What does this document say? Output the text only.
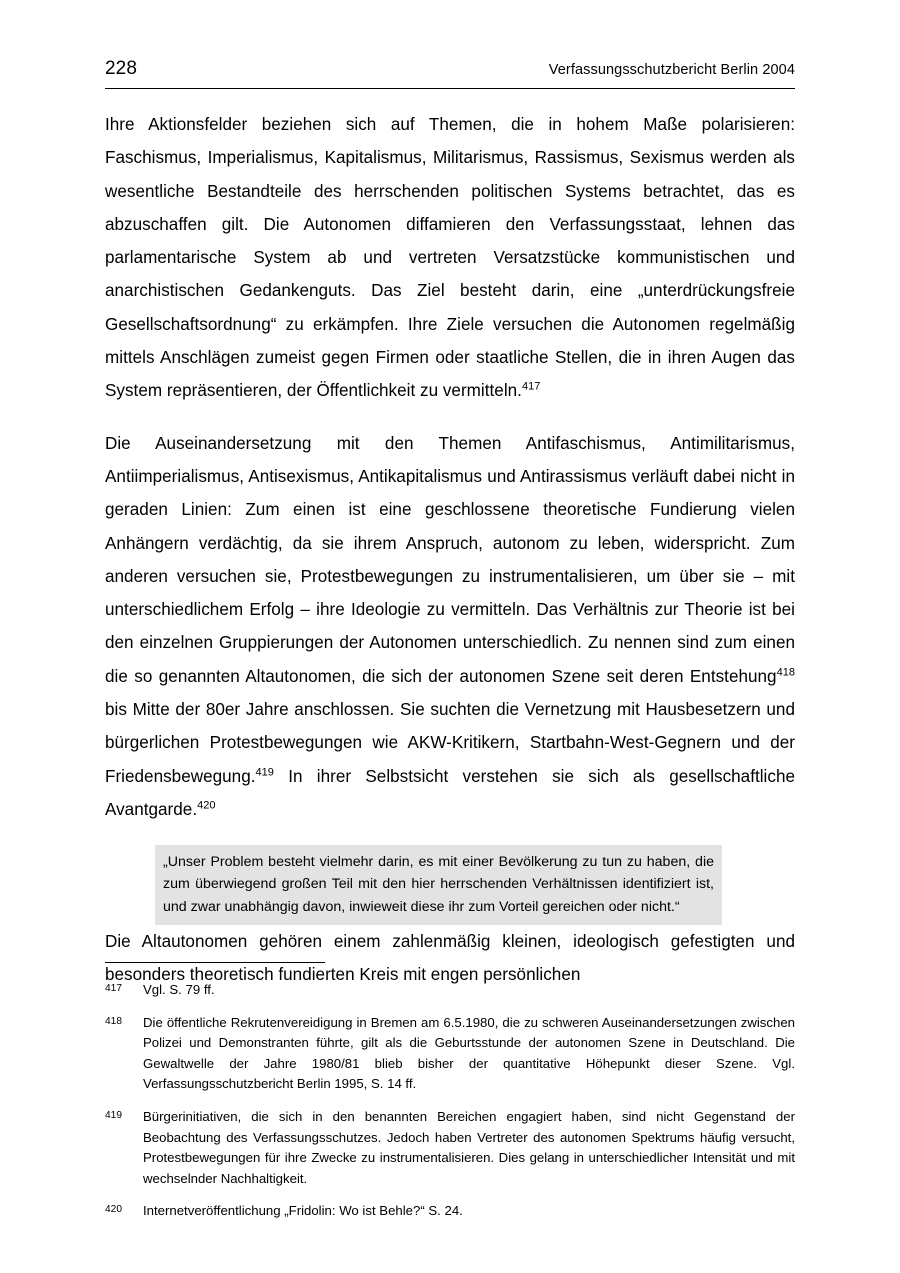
228	Verfassungsschutzbericht Berlin 2004

Ihre Aktionsfelder beziehen sich auf Themen, die in hohem Maße polarisieren: Faschismus, Imperialismus, Kapitalismus, Militarismus, Rassismus, Sexismus werden als wesentliche Bestandteile des herrschenden politischen Systems betrachtet, das es abzuschaffen gilt. Die Autonomen diffamieren den Verfassungsstaat, lehnen das parlamentarische System ab und vertreten Versatzstücke kommunistischen und anarchistischen Gedankenguts. Das Ziel besteht darin, eine „unterdrückungsfreie Gesellschaftsordnung“ zu erkämpfen. Ihre Ziele versuchen die Autonomen regelmäßig mittels Anschlägen zumeist gegen Firmen oder staatliche Stellen, die in ihren Augen das System repräsentieren, der Öffentlichkeit zu vermitteln.$^{417}$

Die Auseinandersetzung mit den Themen Antifaschismus, Antimilitarismus, Antiimperialismus, Antisexismus, Antikapitalismus und Antirassismus verläuft dabei nicht in geraden Linien: Zum einen ist eine geschlossene theoretische Fundierung vielen Anhängern verdächtig, da sie ihrem Anspruch, autonom zu leben, widerspricht. Zum anderen versuchen sie, Protestbewegungen zu instrumentalisieren, um über sie – mit unterschiedlichem Erfolg – ihre Ideologie zu vermitteln. Das Verhältnis zur Theorie ist bei den einzelnen Gruppierungen der Autonomen unterschiedlich. Zu nennen sind zum einen die so genannten Altautonomen, die sich der autonomen Szene seit deren Entstehung$^{418}$ bis Mitte der 80er Jahre anschlossen. Sie suchten die Vernetzung mit Hausbesetzern und bürgerlichen Protestbewegungen wie AKW-Kritikern, Startbahn-West-Gegnern und der Friedensbewegung.$^{419}$ In ihrer Selbstsicht verstehen sie sich als gesellschaftliche Avantgarde.$^{420}$

„Unser Problem besteht vielmehr darin, es mit einer Bevölkerung zu tun zu haben, die zum überwiegend großen Teil mit den hier herrschenden Verhältnissen identifiziert ist, und zwar unabhängig davon, inwieweit diese ihr zum Vorteil gereichen oder nicht.“

Die Altautonomen gehören einem zahlenmäßig kleinen, ideologisch gefestigten und besonders theoretisch fundierten Kreis mit engen persönlichen

417	Vgl. S. 79 ff.
418	Die öffentliche Rekrutenvereidigung in Bremen am 6.5.1980, die zu schweren Auseinandersetzungen zwischen Polizei und Demonstranten führte, gilt als die Geburtsstunde der autonomen Szene in Deutschland. Die Gewaltwelle der Jahre 1980/81 blieb bisher der quantitative Höhepunkt dieser Szene. Vgl. Verfassungsschutzbericht Berlin 1995, S. 14 ff.
419	Bürgerinitiativen, die sich in den benannten Bereichen engagiert haben, sind nicht Gegenstand der Beobachtung des Verfassungsschutzes. Jedoch haben Vertreter des autonomen Spektrums häufig versucht, Protestbewegungen für ihre Zwecke zu instrumentalisieren. Dies gelang in unterschiedlicher Intensität und mit wechselnder Nachhaltigkeit.
420	Internetveröffentlichung „Fridolin: Wo ist Behle?“ S. 24.
